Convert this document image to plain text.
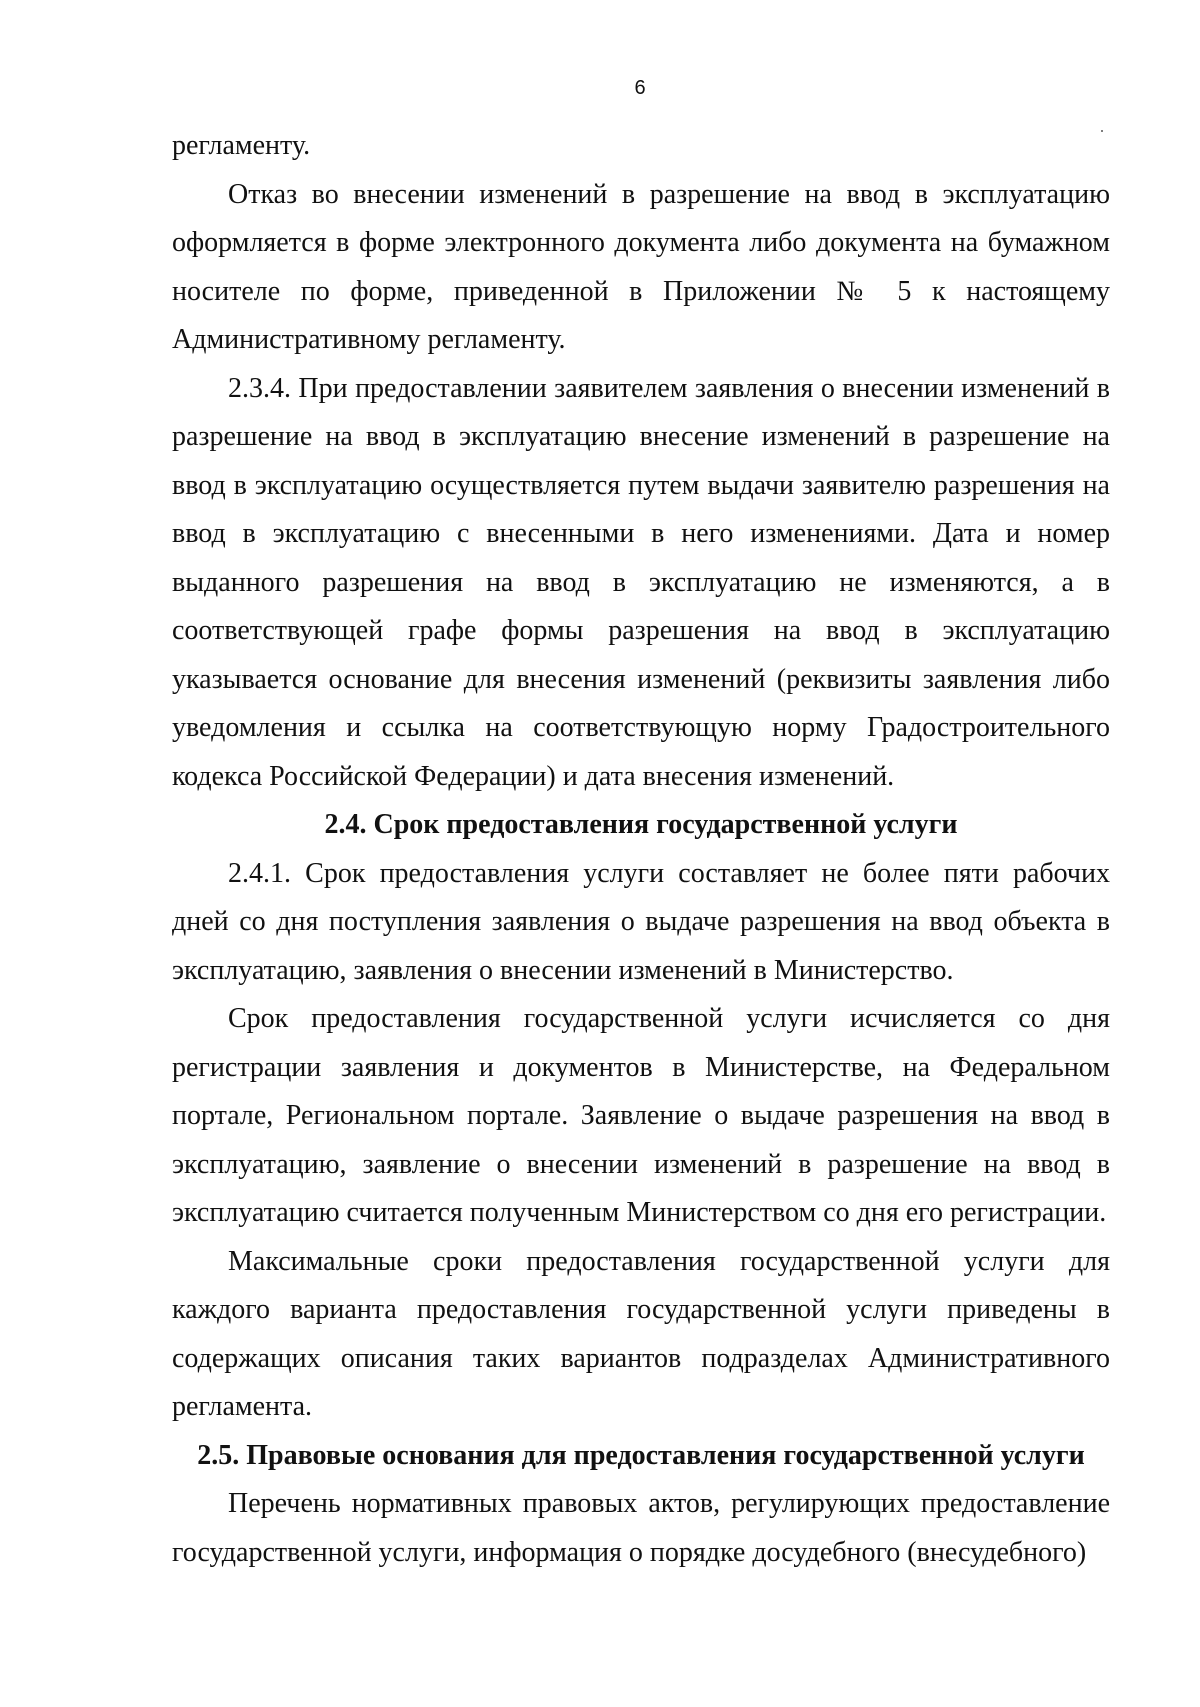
6

регламенту.

Отказ во внесении изменений в разрешение на ввод в эксплуатацию оформляется в форме электронного документа либо документа на бумажном носителе по форме, приведенной в Приложении № 5 к настоящему Административному регламенту.

2.3.4. При предоставлении заявителем заявления о внесении изменений в разрешение на ввод в эксплуатацию внесение изменений в разрешение на ввод в эксплуатацию осуществляется путем выдачи заявителю разрешения на ввод в эксплуатацию с внесенными в него изменениями. Дата и номер выданного разрешения на ввод в эксплуатацию не изменяются, а в соответствующей графе формы разрешения на ввод в эксплуатацию указывается основание для внесения изменений (реквизиты заявления либо уведомления и ссылка на соответствующую норму Градостроительного кодекса Российской Федерации) и дата внесения изменений.

2.4. Срок предоставления государственной услуги

2.4.1. Срок предоставления услуги составляет не более пяти рабочих дней со дня поступления заявления о выдаче разрешения на ввод объекта в эксплуатацию, заявления о внесении изменений в Министерство.

Срок предоставления государственной услуги исчисляется со дня регистрации заявления и документов в Министерстве, на Федеральном портале, Региональном портале. Заявление о выдаче разрешения на ввод в эксплуатацию, заявление о внесении изменений в разрешение на ввод в эксплуатацию считается полученным Министерством со дня его регистрации.

Максимальные сроки предоставления государственной услуги для каждого варианта предоставления государственной услуги приведены в содержащих описания таких вариантов подразделах Административного регламента.

2.5. Правовые основания для предоставления государственной услуги

Перечень нормативных правовых актов, регулирующих предоставление государственной услуги, информация о порядке досудебного (внесудебного)
